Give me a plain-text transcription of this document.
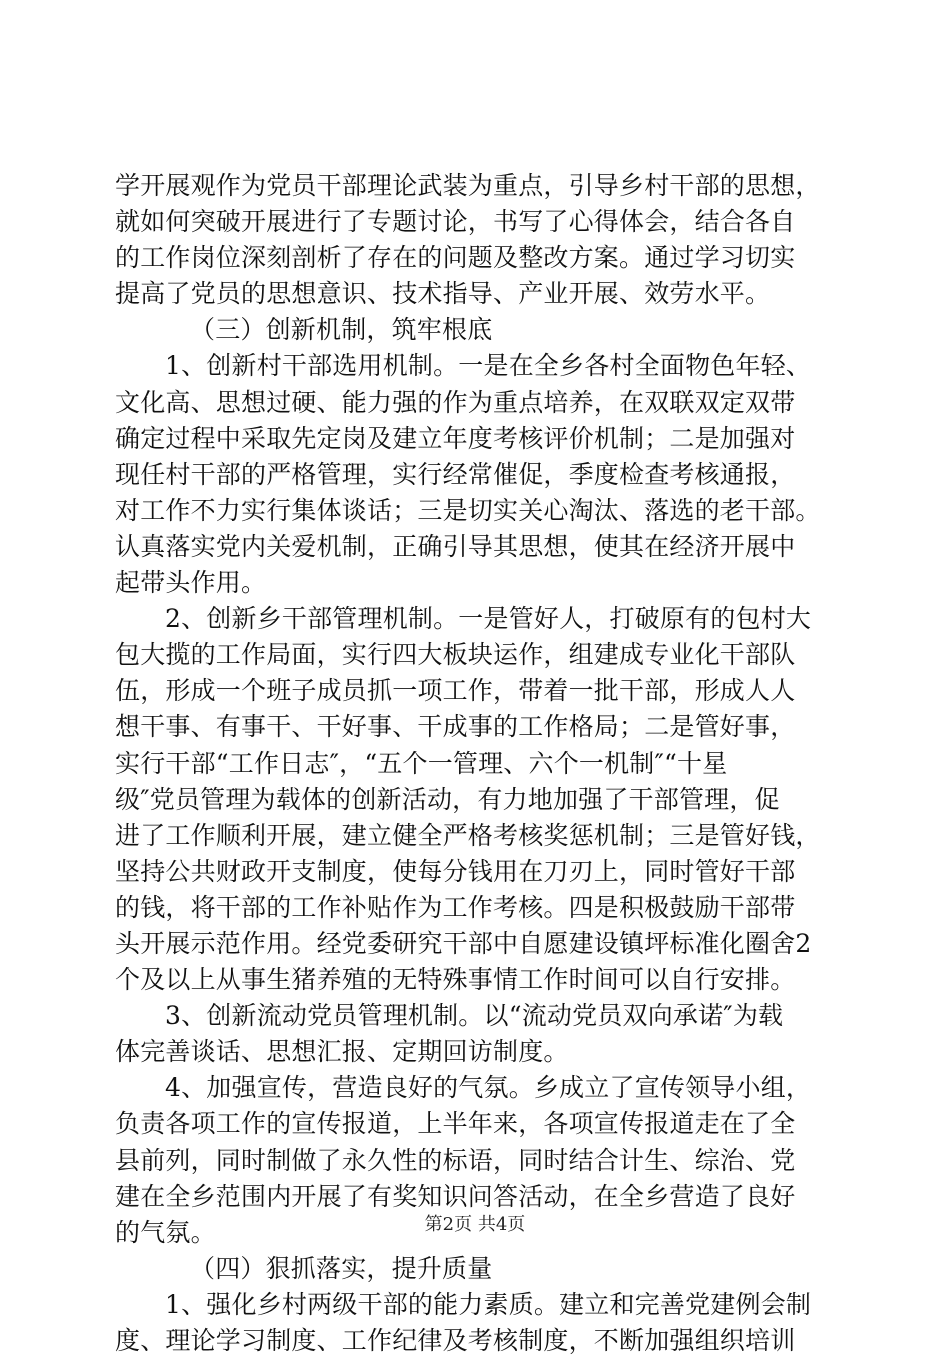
学开展观作为党员干部理论武装为重点，引导乡村干部的思想，
就如何突破开展进行了专题讨论，书写了心得体会，结合各自
的工作岗位深刻剖析了存在的问题及整改方案。通过学习切实
提高了党员的思想意识、技术指导、产业开展、效劳水平。
（三）创新机制，筑牢根底
1、创新村干部选用机制。一是在全乡各村全面物色年轻、
文化高、思想过硬、能力强的作为重点培养，在双联双定双带
确定过程中采取先定岗及建立年度考核评价机制；二是加强对
现任村干部的严格管理，实行经常催促，季度检查考核通报，
对工作不力实行集体谈话；三是切实关心淘汰、落选的老干部。
认真落实党内关爱机制，正确引导其思想，使其在经济开展中
起带头作用。
2、创新乡干部管理机制。一是管好人，打破原有的包村大
包大揽的工作局面，实行四大板块运作，组建成专业化干部队
伍，形成一个班子成员抓一项工作，带着一批干部，形成人人
想干事、有事干、干好事、干成事的工作格局；二是管好事，
实行干部“工作日志″，“五个一管理、六个一机制″“十星
级″党员管理为载体的创新活动，有力地加强了干部管理，促
进了工作顺利开展，建立健全严格考核奖惩机制；三是管好钱，
坚持公共财政开支制度，使每分钱用在刀刃上，同时管好干部
的钱，将干部的工作补贴作为工作考核。四是积极鼓励干部带
头开展示范作用。经党委研究干部中自愿建设镇坪标准化圈舍2
个及以上从事生猪养殖的无特殊事情工作时间可以自行安排。
3、创新流动党员管理机制。以“流动党员双向承诺″为载
体完善谈话、思想汇报、定期回访制度。
4、加强宣传，营造良好的气氛。乡成立了宣传领导小组，
负责各项工作的宣传报道，上半年来，各项宣传报道走在了全
县前列，同时制做了永久性的标语，同时结合计生、综治、党
建在全乡范围内开展了有奖知识问答活动，在全乡营造了良好
的气氛。
（四）狠抓落实，提升质量
1、强化乡村两级干部的能力素质。建立和完善党建例会制
度、理论学习制度、工作纪律及考核制度，不断加强组织培训
第2页 共4页
